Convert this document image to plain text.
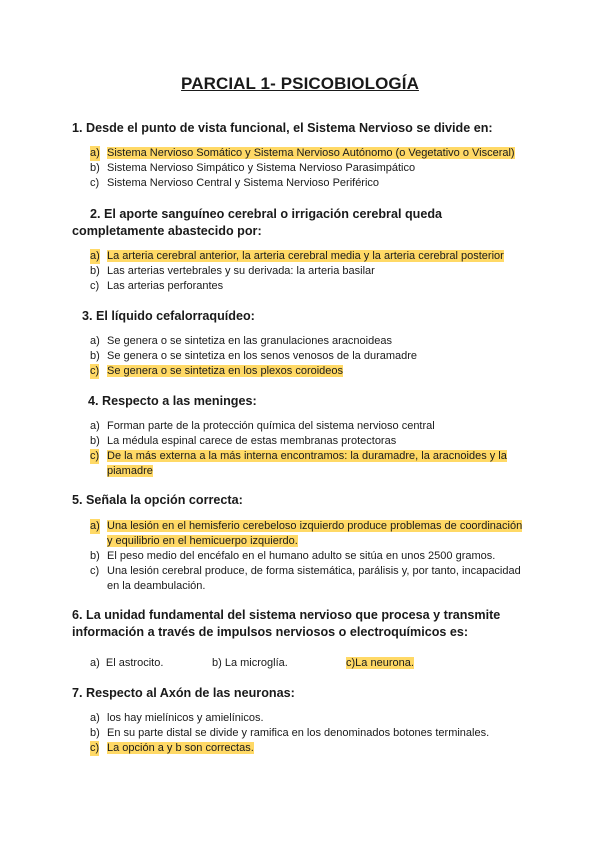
PARCIAL 1- PSICOBIOLOGÍA
1. Desde el punto de vista funcional, el Sistema Nervioso se divide en:
a) Sistema Nervioso Somático y Sistema Nervioso Autónomo (o Vegetativo o Visceral)
b) Sistema Nervioso Simpático y Sistema Nervioso Parasimpático
c) Sistema Nervioso Central y Sistema Nervioso Periférico
2. El aporte sanguíneo cerebral o irrigación cerebral queda completamente abastecido por:
a) La arteria cerebral anterior, la arteria cerebral media y la arteria cerebral posterior
b) Las arterias vertebrales y su derivada: la arteria basilar
c) Las arterias perforantes
3. El líquido cefalorraquídeo:
a) Se genera o se sintetiza en las granulaciones aracnoideas
b) Se genera o se sintetiza en los senos venosos de la duramadre
c) Se genera o se sintetiza en los plexos coroideos
4. Respecto a las meninges:
a) Forman parte de la protección química del sistema nervioso central
b) La médula espinal carece de estas membranas protectoras
c) De la más externa a la más interna encontramos: la duramadre, la aracnoides y la piamadre
5. Señala la opción correcta:
a) Una lesión en el hemisferio cerebeloso izquierdo produce problemas de coordinación y equilibrio en el hemicuerpo izquierdo.
b) El peso medio del encéfalo en el humano adulto se sitúa en unos 2500 gramos.
c) Una lesión cerebral produce, de forma sistemática, parálisis y, por tanto, incapacidad en la deambulación.
6. La unidad fundamental del sistema nervioso que procesa y transmite información a través de impulsos nerviosos o electroquímicos es:
a) El astrocito.	b) La microglía.	c)La neurona.
7. Respecto al Axón de las neuronas:
a) los hay mielínicos y amielínicos.
b) En su parte distal se divide y ramifica en los denominados botones terminales.
c) La opción a y b son correctas.
